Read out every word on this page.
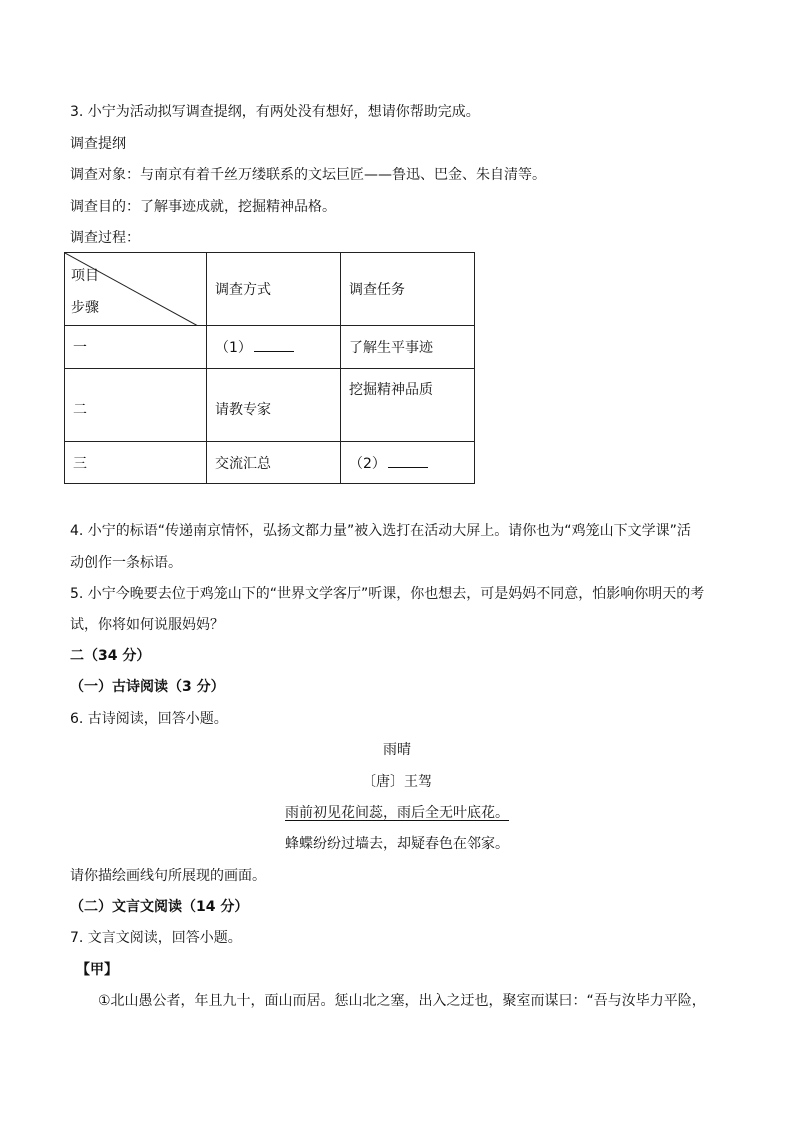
3. 小宁为活动拟写调查提纲，有两处没有想好，想请你帮助完成。
调查提纲
调查对象：与南京有着千丝万缕联系的文坛巨匠——鲁迅、巴金、朱自清等。
调查目的：了解事迹成就，挖掘精神品格。
调查过程：
项目
步骤	调查方式	调查任务
一	（1）	了解生平事迹
二	请教专家	挖掘精神品质
三	交流汇总	（2）
4. 小宁的标语“传递南京情怀，弘扬文都力量”被入选打在活动大屏上。请你也为“鸡笼山下文学课”活
动创作一条标语。
5. 小宁今晚要去位于鸡笼山下的“世界文学客厅”听课，你也想去，可是妈妈不同意，怕影响你明天的考
试，你将如何说服妈妈？
二（34 分）
（一）古诗阅读（3 分）
6. 古诗阅读，回答小题。
雨晴
〔唐〕王驾
雨前初见花间蕊，雨后全无叶底花。
蜂蝶纷纷过墙去，却疑春色在邻家。
请你描绘画线句所展现的画面。
（二）文言文阅读（14 分）
7. 文言文阅读，回答小题。
【甲】
①北山愚公者，年且九十，面山而居。惩山北之塞，出入之迂也，聚室而谋曰：“吾与汝毕力平险，
